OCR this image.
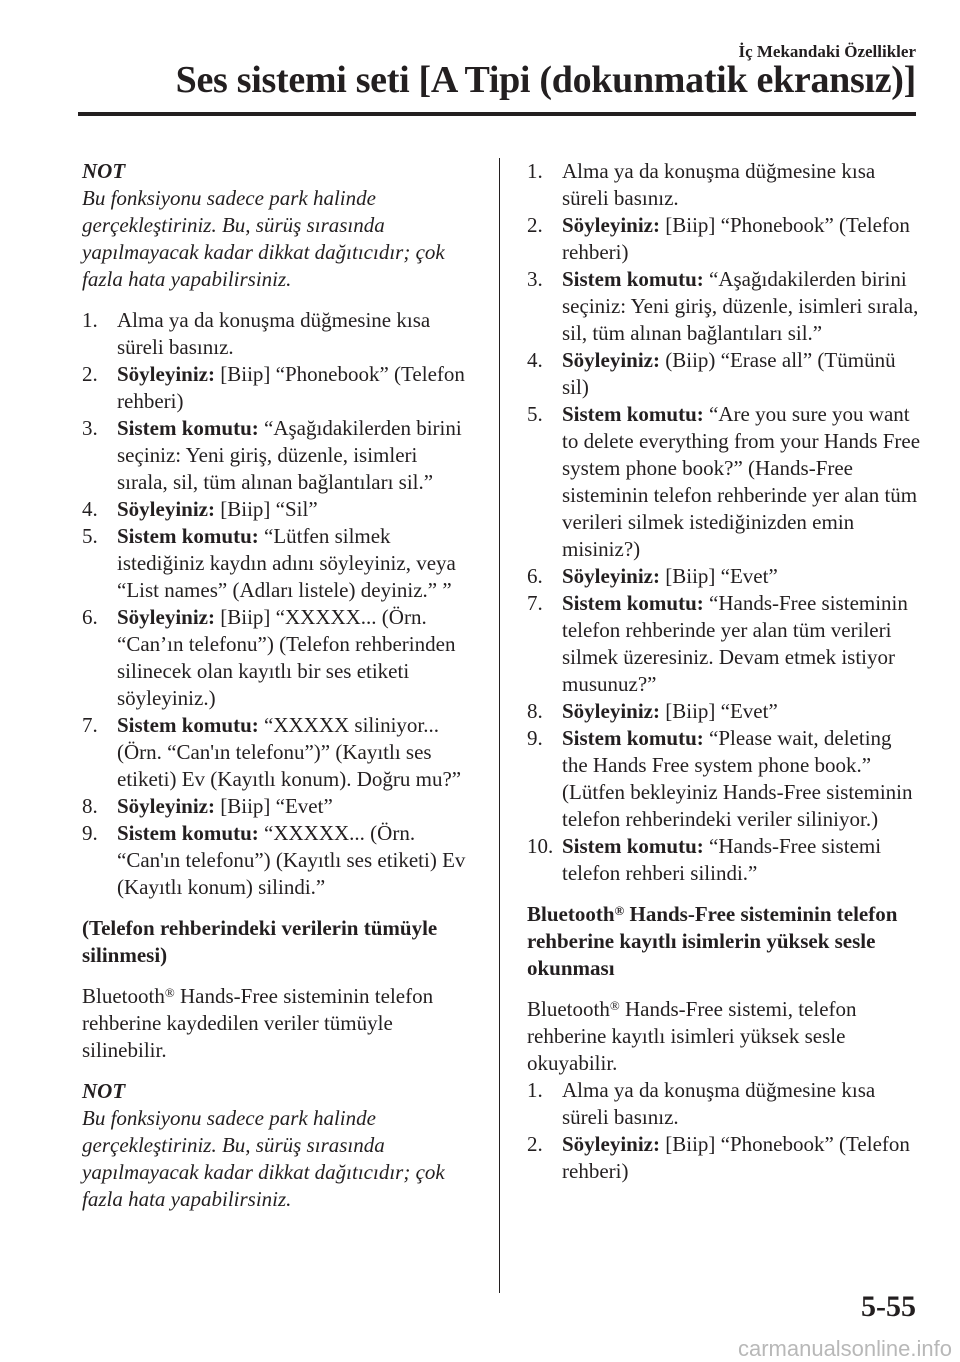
İç Mekandaki Özellikler
Ses sistemi seti [A Tipi (dokunmatik ekransız)]

NOT

Bu fonksiyonu sadece park halinde gerçekleştiriniz. Bu, sürüş sırasında yapılmayacak kadar dikkat dağıtıcıdır; çok fazla hata yapabilirsiniz.

1. Alma ya da konuşma düğmesine kısa süreli basınız.
2. Söyleyiniz: [Biip] “Phonebook” (Telefon rehberi)
3. Sistem komutu: “Aşağıdakilerden birini seçiniz: Yeni giriş, düzenle, isimleri sırala, sil, tüm alınan bağlantıları sil.”
4. Söyleyiniz: [Biip] “Sil”
5. Sistem komutu: “Lütfen silmek istediğiniz kaydın adını söyleyiniz, veya “List names” (Adları listele) deyiniz.” ”
6. Söyleyiniz: [Biip] “XXXXX... (Örn. “Can’ın telefonu”) (Telefon rehberinden silinecek olan kayıtlı bir ses etiketi söyleyiniz.)
7. Sistem komutu: “XXXXX siliniyor... (Örn. “Can'ın telefonu”)” (Kayıtlı ses etiketi) Ev (Kayıtlı konum). Doğru mu?”
8. Söyleyiniz: [Biip] “Evet”
9. Sistem komutu: “XXXXX... (Örn. “Can'ın telefonu”) (Kayıtlı ses etiketi) Ev (Kayıtlı konum) silindi.”

(Telefon rehberindeki verilerin tümüyle silinmesi)

Bluetooth® Hands-Free sisteminin telefon rehberine kaydedilen veriler tümüyle silinebilir.

NOT

Bu fonksiyonu sadece park halinde gerçekleştiriniz. Bu, sürüş sırasında yapılmayacak kadar dikkat dağıtıcıdır; çok fazla hata yapabilirsiniz.

1. Alma ya da konuşma düğmesine kısa süreli basınız.
2. Söyleyiniz: [Biip] “Phonebook” (Telefon rehberi)
3. Sistem komutu: “Aşağıdakilerden birini seçiniz: Yeni giriş, düzenle, isimleri sırala, sil, tüm alınan bağlantıları sil.”
4. Söyleyiniz: (Biip) “Erase all” (Tümünü sil)
5. Sistem komutu: “Are you sure you want to delete everything from your Hands Free system phone book?” (Hands-Free sisteminin telefon rehberinde yer alan tüm verileri silmek istediğinizden emin misiniz?)
6. Söyleyiniz: [Biip] “Evet”
7. Sistem komutu: “Hands-Free sisteminin telefon rehberinde yer alan tüm verileri silmek üzeresiniz. Devam etmek istiyor musunuz?”
8. Söyleyiniz: [Biip] “Evet”
9. Sistem komutu: “Please wait, deleting the Hands Free system phone book.” (Lütfen bekleyiniz Hands-Free sisteminin telefon rehberindeki veriler siliniyor.)
10. Sistem komutu: “Hands-Free sistemi telefon rehberi silindi.”

Bluetooth® Hands-Free sisteminin telefon rehberine kayıtlı isimlerin yüksek sesle okunması

Bluetooth® Hands-Free sistemi, telefon rehberine kayıtlı isimleri yüksek sesle okuyabilir.

1. Alma ya da konuşma düğmesine kısa süreli basınız.
2. Söyleyiniz: [Biip] “Phonebook” (Telefon rehberi)
5-55
carmanualsonline.info
